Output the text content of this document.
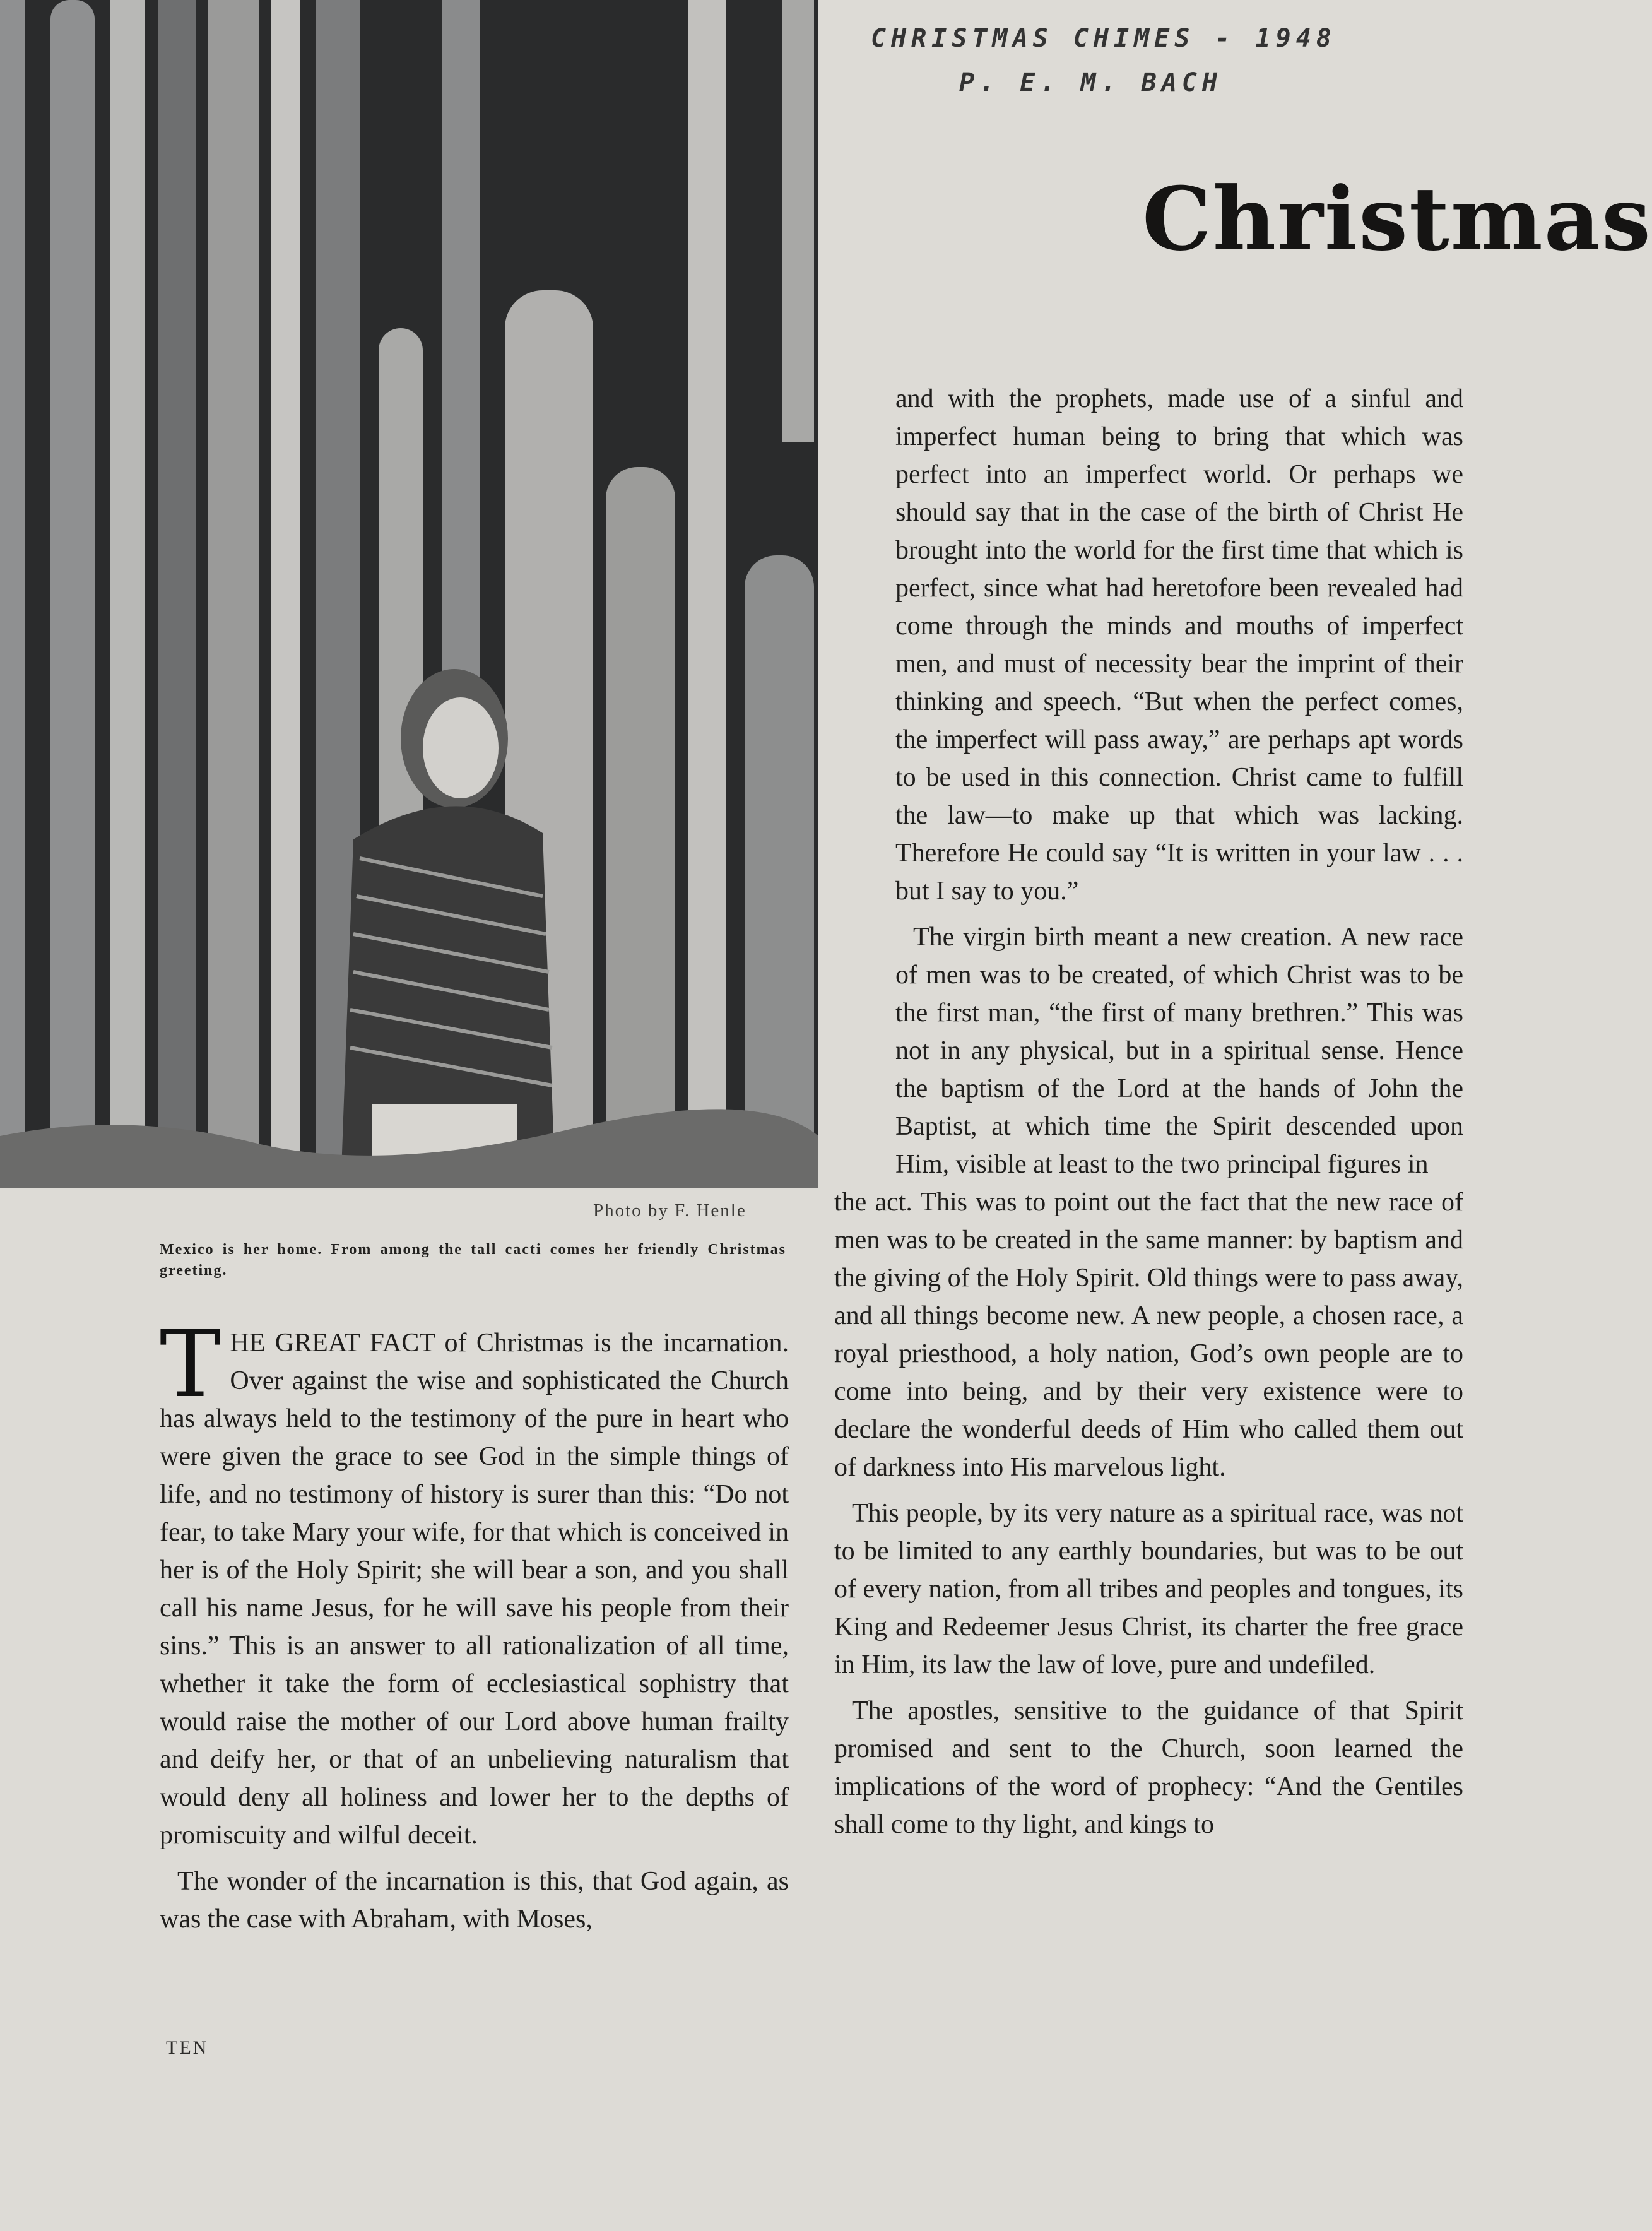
Photo by F. Henle
Mexico is her home. From among the tall cacti comes her friendly Christmas greeting.
CHRISTMAS CHIMES - 1948
P. E. M. BACH
Christmas

THE GREAT FACT of Christmas is the incarnation. Over against the wise and sophisticated the Church has always held to the testimony of the pure in heart who were given the grace to see God in the simple things of life, and no testimony of history is surer than this: “Do not fear, to take Mary your wife, for that which is conceived in her is of the Holy Spirit; she will bear a son, and you shall call his name Jesus, for he will save his people from their sins.” This is an answer to all rationalization of all time, whether it take the form of ecclesiastical sophistry that would raise the mother of our Lord above human frailty and deify her, or that of an unbelieving naturalism that would deny all holiness and lower her to the depths of promiscuity and wilful deceit.

The wonder of the incarnation is this, that God again, as was the case with Abraham, with Moses,

and with the prophets, made use of a sinful and imperfect human being to bring that which was perfect into an imperfect world. Or perhaps we should say that in the case of the birth of Christ He brought into the world for the first time that which is perfect, since what had heretofore been revealed had come through the minds and mouths of imperfect men, and must of necessity bear the imprint of their thinking and speech. “But when the perfect comes, the imperfect will pass away,” are perhaps apt words to be used in this connection. Christ came to fulfill the law—to make up that which was lacking. Therefore He could say “It is written in your law . . . but I say to you.”

The virgin birth meant a new creation. A new race of men was to be created, of which Christ was to be the first man, “the first of many brethren.” This was not in any physical, but in a spiritual sense. Hence the baptism of the Lord at the hands of John the Baptist, at which time the Spirit descended upon Him, visible at least to the two principal figures in

the act. This was to point out the fact that the new race of men was to be created in the same manner: by baptism and the giving of the Holy Spirit. Old things were to pass away, and all things become new. A new people, a chosen race, a royal priesthood, a holy nation, God’s own people are to come into being, and by their very existence were to declare the wonderful deeds of Him who called them out of darkness into His marvelous light.

This people, by its very nature as a spiritual race, was not to be limited to any earthly boundaries, but was to be out of every nation, from all tribes and peoples and tongues, its King and Redeemer Jesus Christ, its charter the free grace in Him, its law the law of love, pure and undefiled.

The apostles, sensitive to the guidance of that Spirit promised and sent to the Church, soon learned the implications of the word of prophecy: “And the Gentiles shall come to thy light, and kings to

TEN
